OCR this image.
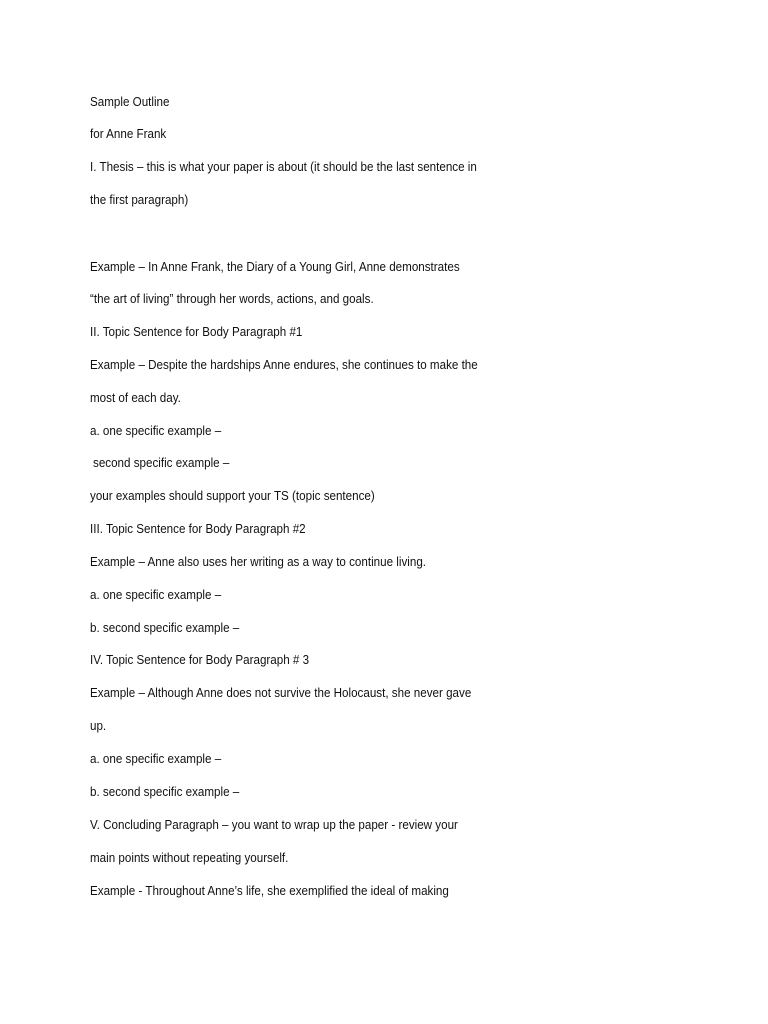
Sample Outline
for Anne Frank
I. Thesis – this is what your paper is about (it should be the last sentence in
the first paragraph)
Example – In Anne Frank, the Diary of a Young Girl, Anne demonstrates
“the art of living” through her words, actions, and goals.
II. Topic Sentence for Body Paragraph #1
Example – Despite the hardships Anne endures, she continues to make the
most of each day.
a. one specific example –
second specific example –
your examples should support your TS (topic sentence)
III. Topic Sentence for Body Paragraph #2
Example – Anne also uses her writing as a way to continue living.
a. one specific example –
b. second specific example –
IV. Topic Sentence for Body Paragraph # 3
Example – Although Anne does not survive the Holocaust, she never gave
up.
a. one specific example –
b. second specific example –
V. Concluding Paragraph – you want to wrap up the paper - review your
main points without repeating yourself.
Example - Throughout Anne’s life, she exemplified the ideal of making
